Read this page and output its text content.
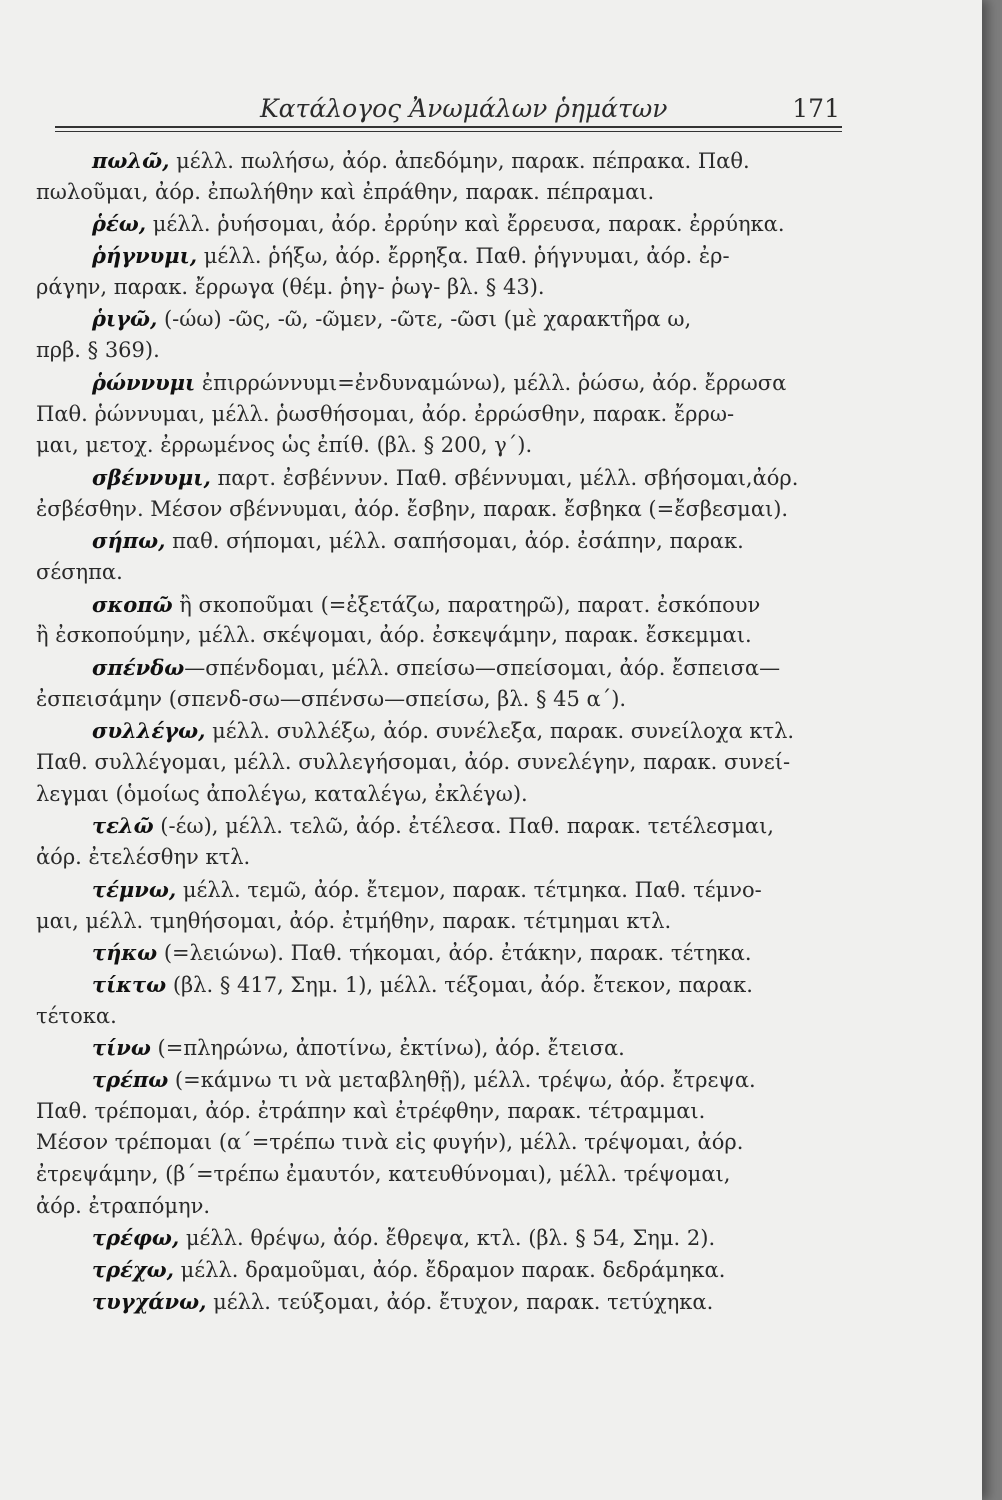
Κατάλογος Ἀνωμάλων ῥημάτων	171
πωλῶ, μέλλ. πωλήσω, ἀόρ. ἀπεδόμην, παρακ. πέπρακα. Παθ.
πωλοῦμαι, ἀόρ. ἐπωλήθην καὶ ἐπράθην, παρακ. πέπραμαι.
ῥέω, μέλλ. ῥυήσομαι, ἀόρ. ἐρρύην καὶ ἔρρευσα, παρακ. ἐρρύηκα.
ῥήγνυμι, μέλλ. ῥήξω, ἀόρ. ἔρρηξα. Παθ. ῥήγνυμαι, ἀόρ. ἐρ-
ράγην, παρακ. ἔρρωγα (θέμ. ῥηγ- ῥωγ- βλ. § 43).
ῥιγῶ, (-ώω) -ῶς, -ῶ, -ῶμεν, -ῶτε, -ῶσι (μὲ χαρακτῆρα ω,
πρβ. § 369).
ῥώννυμι ἐπιρρώννυμι=ἐνδυναμώνω), μέλλ. ῥώσω, ἀόρ. ἔρρωσα
Παθ. ῥώννυμαι, μέλλ. ῥωσθήσομαι, ἀόρ. ἐρρώσθην, παρακ. ἔρρω-
μαι, μετοχ. ἐρρωμένος ὡς ἐπίθ. (βλ. § 200, γ΄).
σβέννυμι, παρτ. ἐσβέννυν. Παθ. σβέννυμαι, μέλλ. σβήσομαι,ἀόρ.
ἐσβέσθην. Μέσον σβέννυμαι, ἀόρ. ἔσβην, παρακ. ἔσβηκα (=ἔσβεσμαι).
σήπω, παθ. σήπομαι, μέλλ. σαπήσομαι, ἀόρ. ἐσάπην, παρακ.
σέσηπα.
σκοπῶ ἢ σκοποῦμαι (=ἐξετάζω, παρατηρῶ), παρατ. ἐσκόπουν
ἢ ἐσκοπούμην, μέλλ. σκέψομαι, ἀόρ. ἐσκεψάμην, παρακ. ἔσκεμμαι.
σπένδω—σπένδομαι, μέλλ. σπείσω—σπείσομαι, ἀόρ. ἔσπεισα—
ἐσπεισάμην (σπενδ-σω—σπένσω—σπείσω, βλ. § 45 α΄).
συλλέγω, μέλλ. συλλέξω, ἀόρ. συνέλεξα, παρακ. συνείλοχα κτλ.
Παθ. συλλέγομαι, μέλλ. συλλεγήσομαι, ἀόρ. συνελέγην, παρακ. συνεί-
λεγμαι (ὁμοίως ἀπολέγω, καταλέγω, ἐκλέγω).
τελῶ (-έω), μέλλ. τελῶ, ἀόρ. ἐτέλεσα. Παθ. παρακ. τετέλεσμαι,
ἀόρ. ἐτελέσθην κτλ.
τέμνω, μέλλ. τεμῶ, ἀόρ. ἔτεμον, παρακ. τέτμηκα. Παθ. τέμνο-
μαι, μέλλ. τμηθήσομαι, ἀόρ. ἐτμήθην, παρακ. τέτμημαι κτλ.
τήκω (=λειώνω). Παθ. τήκομαι, ἀόρ. ἐτάκην, παρακ. τέτηκα.
τίκτω (βλ. § 417, Σημ. 1), μέλλ. τέξομαι, ἀόρ. ἔτεκον, παρακ.
τέτοκα.
τίνω (=πληρώνω, ἀποτίνω, ἐκτίνω), ἀόρ. ἔτεισα.
τρέπω (=κάμνω τι νὰ μεταβληθῇ), μέλλ. τρέψω, ἀόρ. ἔτρεψα.
Παθ. τρέπομαι, ἀόρ. ἐτράπην καὶ ἐτρέφθην, παρακ. τέτραμμαι.
Μέσον τρέπομαι (α΄=τρέπω τινὰ εἰς φυγήν), μέλλ. τρέψομαι, ἀόρ.
ἐτρεψάμην, (β΄=τρέπω ἐμαυτόν, κατευθύνομαι), μέλλ. τρέψομαι,
ἀόρ. ἐτραπόμην.
τρέφω, μέλλ. θρέψω, ἀόρ. ἔθρεψα, κτλ. (βλ. § 54, Σημ. 2).
τρέχω, μέλλ. δραμοῦμαι, ἀόρ. ἔδραμον παρακ. δεδράμηκα.
τυγχάνω, μέλλ. τεύξομαι, ἀόρ. ἔτυχον, παρακ. τετύχηκα.
